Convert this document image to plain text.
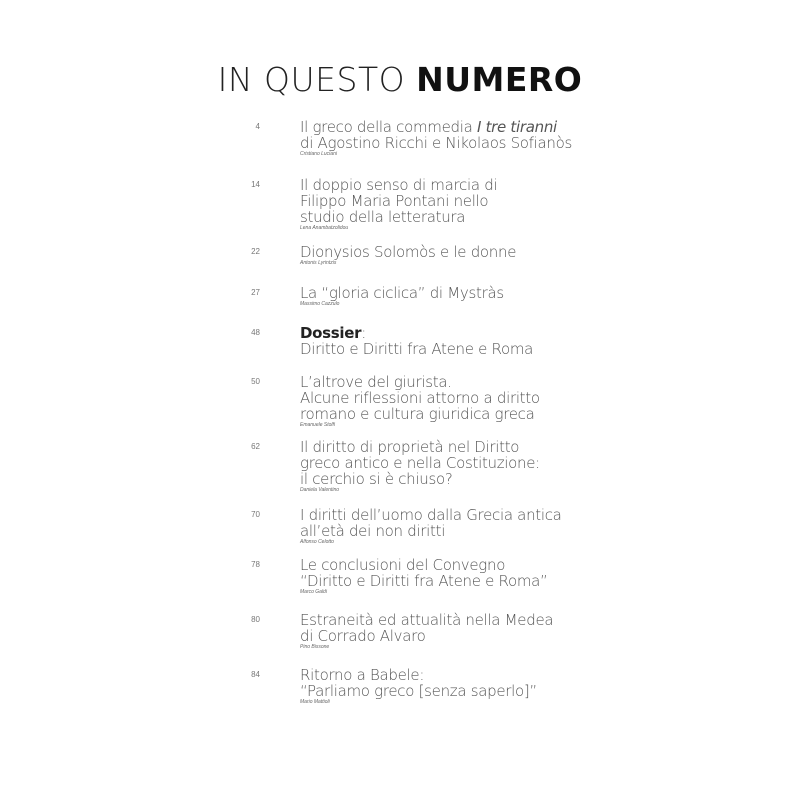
IN QUESTO NUMERO
4	Il greco della commedia I tre tiranni
di Agostino Ricchi e Nikolaos Sofianòs
Cristiano Luciani
14	Il doppio senso di marcia di
Filippo Maria Pontani nello
studio della letteratura
Lena Anambatzolidou
22	Dionysios Solomòs e le donne
Antonis Lyrintzis
27	La “gloria ciclica” di Mystràs
Massimo Cazzulo
48	Dossier:
Diritto e Diritti fra Atene e Roma
50	L’altrove del giurista.
Alcune riflessioni attorno a diritto
romano e cultura giuridica greca
Emanuele Stolfi
62	Il diritto di proprietà nel Diritto
greco antico e nella Costituzione:
il cerchio si è chiuso?
Daniela Valentino
70	I diritti dell’uomo dalla Grecia antica
all’età dei non diritti
Alfonso Celotto
78	Le conclusioni del Convegno
“Diritto e Diritti fra Atene e Roma”
Marco Galdi
80	Estraneità ed attualità nella Medea
di Corrado Alvaro
Pino Bissone
84	Ritorno a Babele:
“Parliamo greco [senza saperlo]”
Mario Mattioli
